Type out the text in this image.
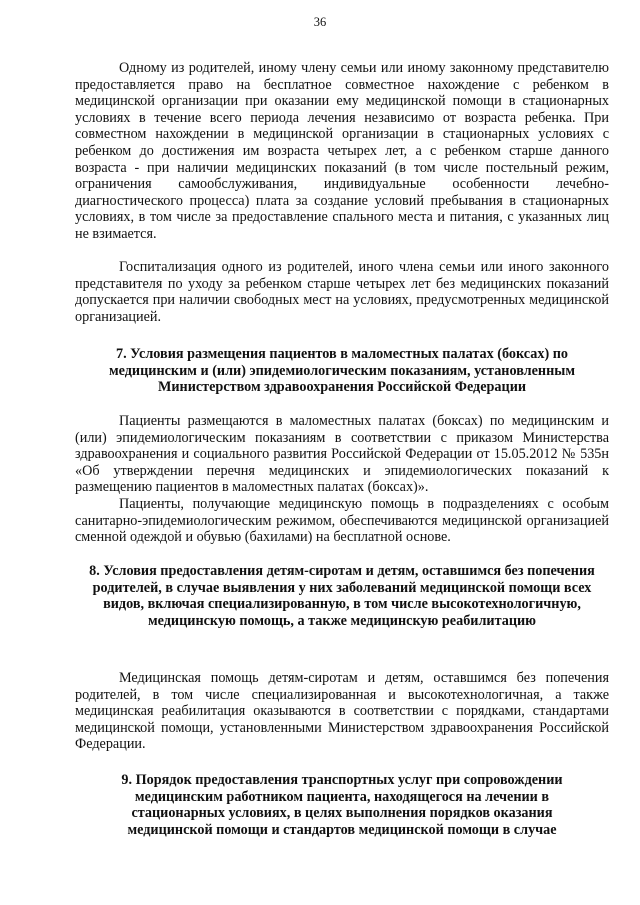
36

Одному из родителей, иному члену семьи или иному законному представителю предоставляется право на бесплатное совместное нахождение с ребенком в медицинской организации при оказании ему медицинской помощи в стационарных условиях в течение всего периода лечения независимо от возраста ребенка. При совместном нахождении в медицинской организации в стационарных условиях с ребенком до достижения им возраста четырех лет, а с ребенком старше данного возраста - при наличии медицинских показаний (в том числе постельный режим, ограничения самообслуживания, индивидуальные особенности лечебно-диагностического процесса) плата за создание условий пребывания в стационарных условиях, в том числе за предоставление спального места и питания, с указанных лиц не взимается.

Госпитализация одного из родителей, иного члена семьи или иного законного представителя по уходу за ребенком старше четырех лет без медицинских показаний допускается при наличии свободных мест на условиях, предусмотренных медицинской организацией.

7. Условия размещения пациентов в маломестных палатах (боксах) по медицинским и (или) эпидемиологическим показаниям, установленным Министерством здравоохранения Российской Федерации

Пациенты размещаются в маломестных палатах (боксах) по медицинским и (или) эпидемиологическим показаниям в соответствии с приказом Министерства здравоохранения и социального развития Российской Федерации от 15.05.2012 № 535н «Об утверждении перечня медицинских и эпидемиологических показаний к размещению пациентов в маломестных палатах (боксах)».

Пациенты, получающие медицинскую помощь в подразделениях с особым санитарно-эпидемиологическим режимом, обеспечиваются медицинской организацией сменной одеждой и обувью (бахилами) на бесплатной основе.

8. Условия предоставления детям-сиротам и детям, оставшимся без попечения родителей, в случае выявления у них заболеваний медицинской помощи всех видов, включая специализированную, в том числе высокотехнологичную, медицинскую помощь, а также медицинскую реабилитацию

Медицинская помощь детям-сиротам и детям, оставшимся без попечения родителей, в том числе специализированная и высокотехнологичная, а также медицинская реабилитация оказываются в соответствии с порядками, стандартами медицинской помощи, установленными Министерством здравоохранения Российской Федерации.

9. Порядок предоставления транспортных услуг при сопровождении медицинским работником пациента, находящегося на лечении в стационарных условиях, в целях выполнения порядков оказания медицинской помощи и стандартов медицинской помощи в случае
